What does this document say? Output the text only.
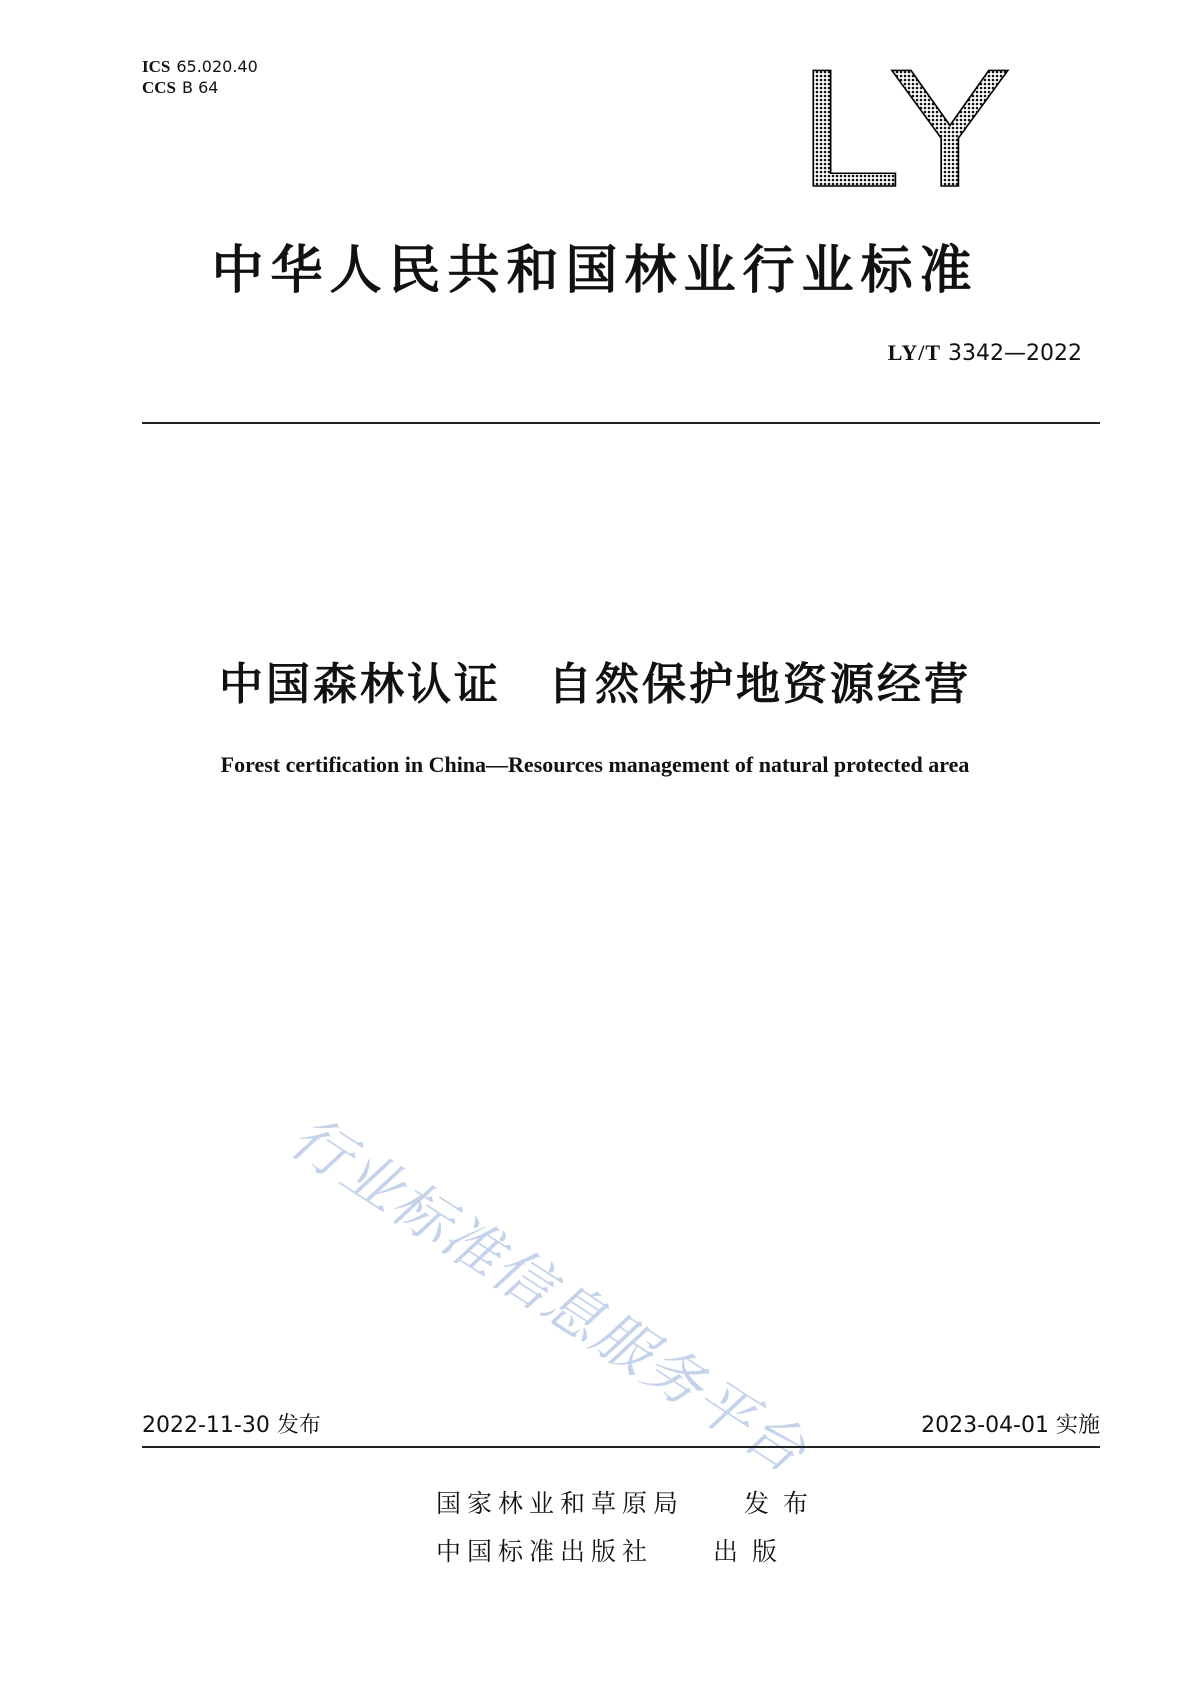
ICS 65.020.40
CCS B 64	LY
中华人民共和国林业行业标准
LY/T 3342—2022
中国森林认证　自然保护地资源经营
Forest certification in China—Resources management of natural protected area
行业标准信息服务平台
2022-11-30 发布	2023-04-01 实施
国家林业和草原局 发布
中国标准出版社 出版
